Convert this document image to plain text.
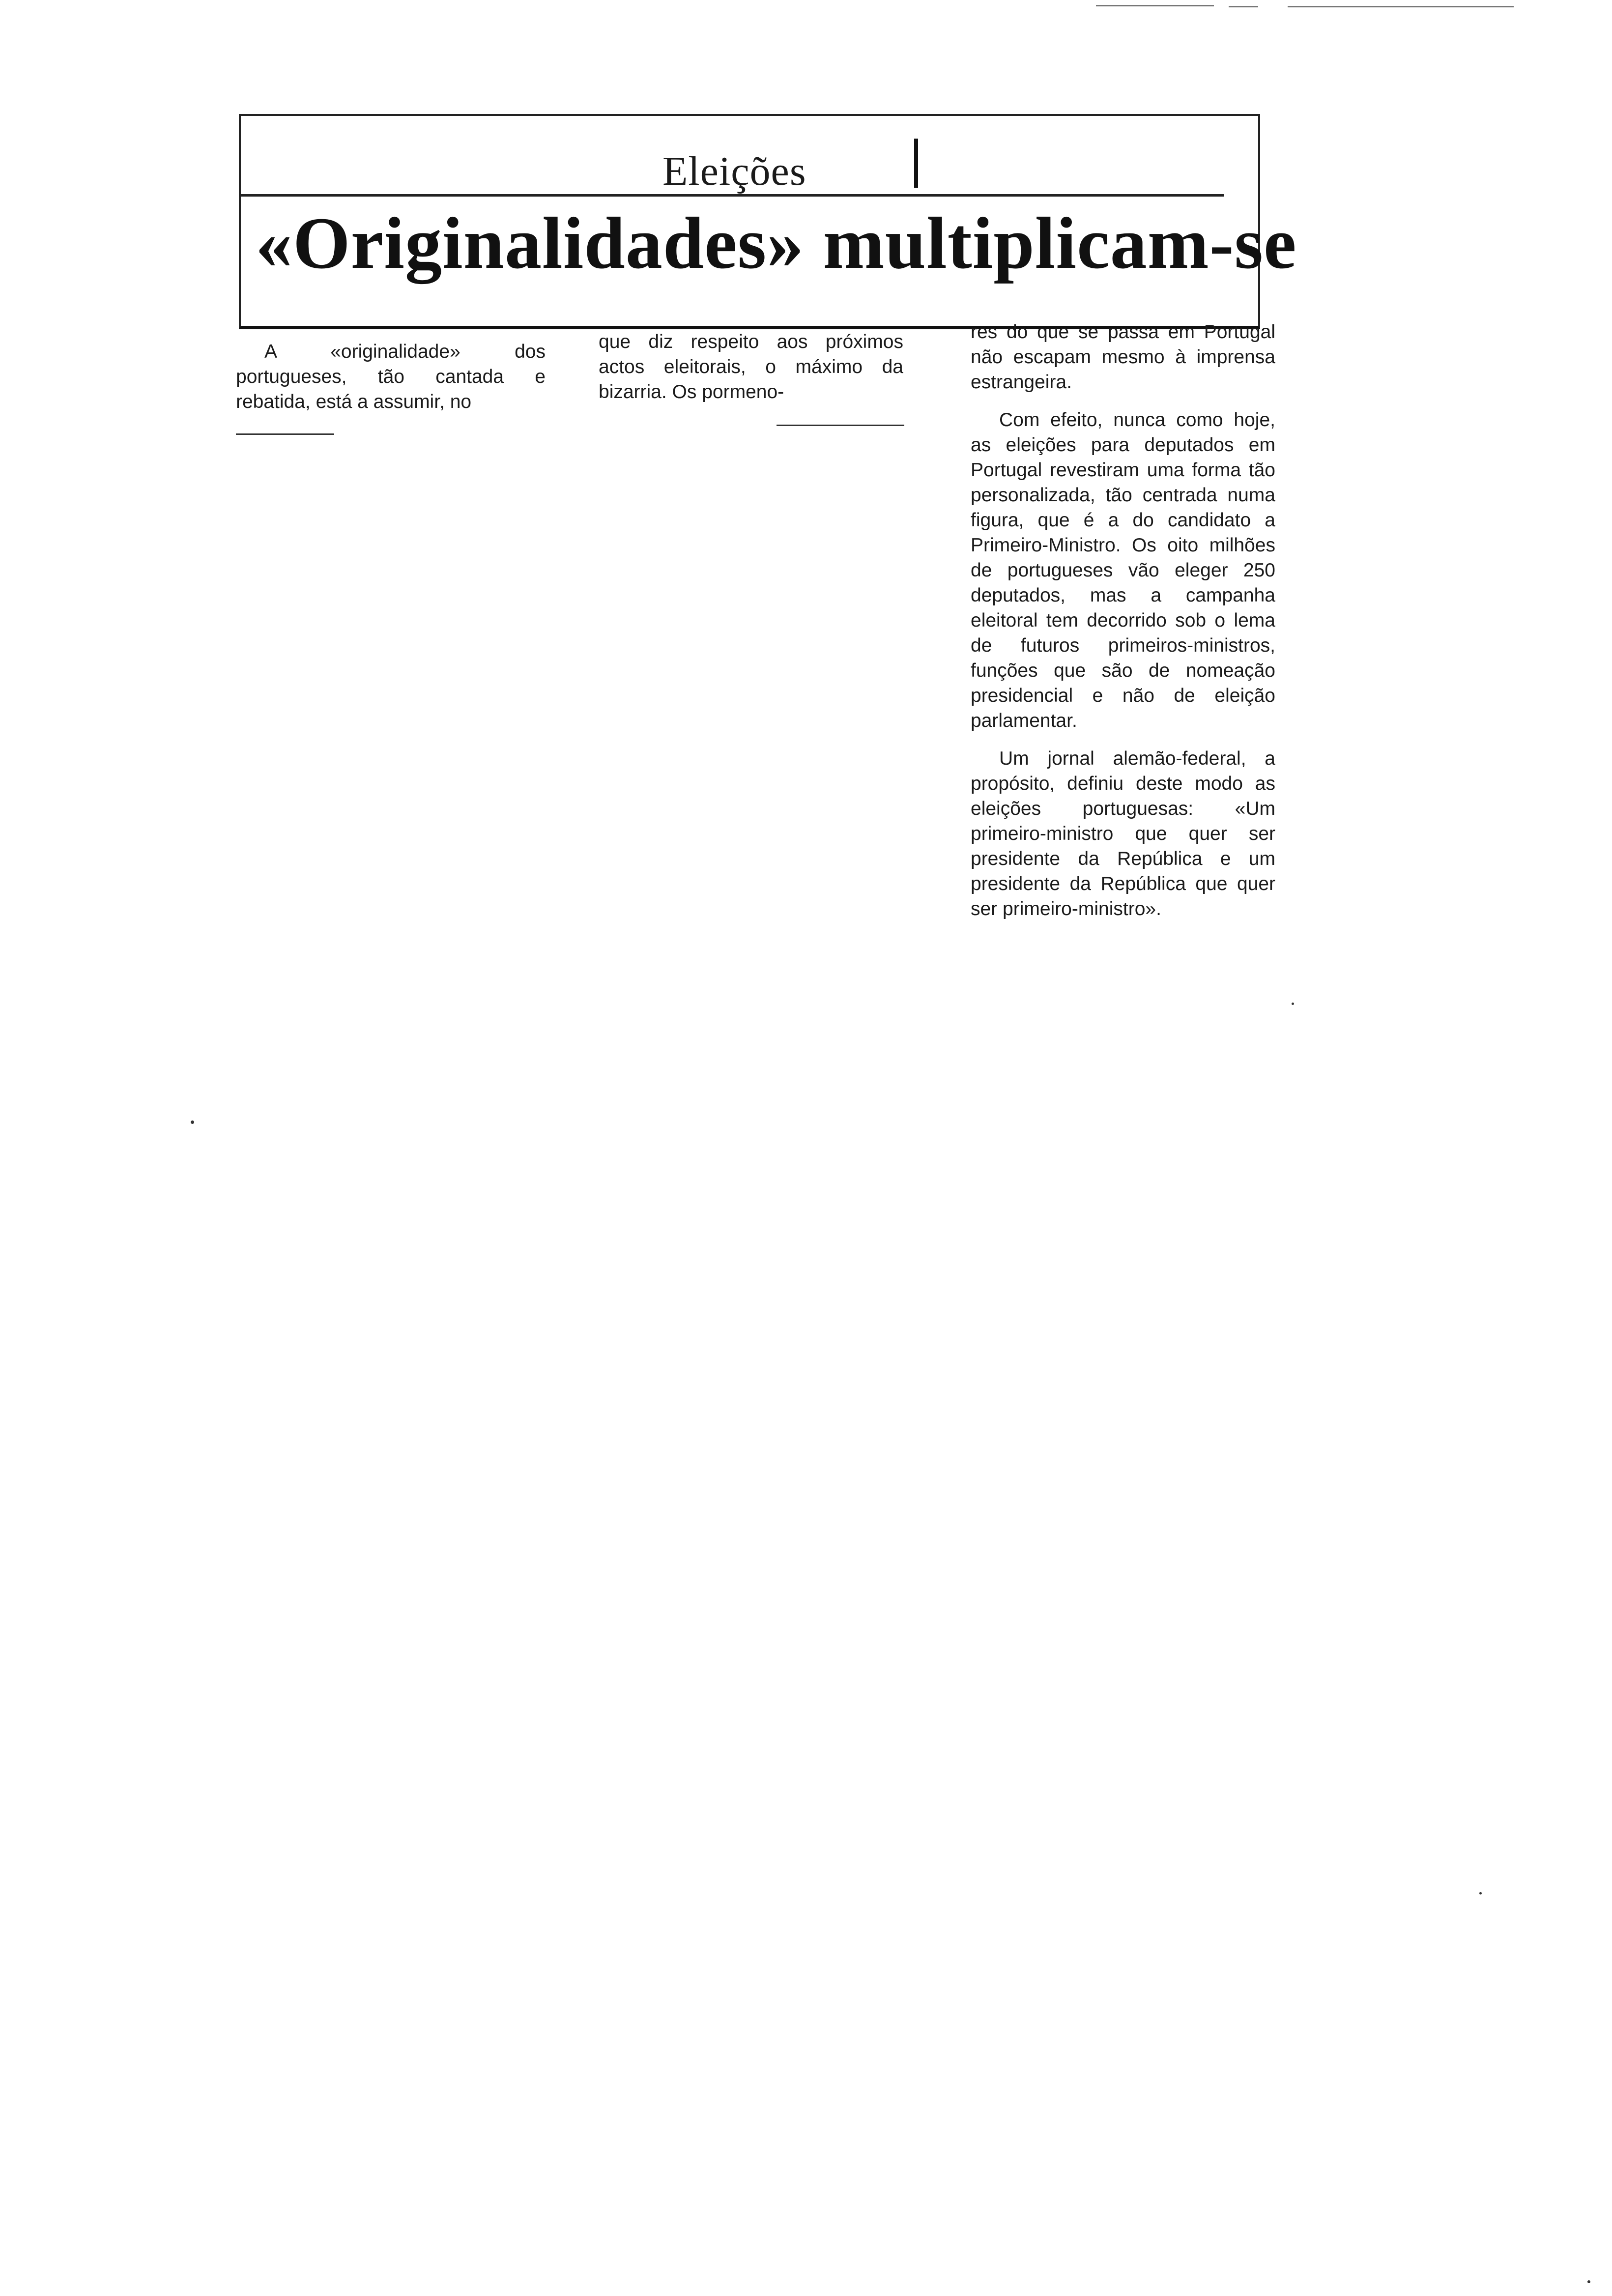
Eleições
«Originalidades» multiplicam-se

A «originalidade» dos portugueses, tão cantada e rebatida, está a assumir, no

que diz respeito aos próximos actos eleitorais, o máximo da bizarria. Os pormeno-

res do que se passa em Portugal não escapam mesmo à imprensa estrangeira.

Com efeito, nunca como hoje, as eleições para deputados em Portugal revestiram uma forma tão personalizada, tão centrada numa figura, que é a do candidato a Primeiro-Ministro. Os oito milhões de portugueses vão eleger 250 deputados, mas a campanha eleitoral tem decorrido sob o lema de futuros primeiros-ministros, funções que são de nomeação presidencial e não de eleição parlamentar.

Um jornal alemão-federal, a propósito, definiu deste modo as eleições portuguesas: «Um primeiro-ministro que quer ser presidente da República e um presidente da República que quer ser primeiro-ministro».
